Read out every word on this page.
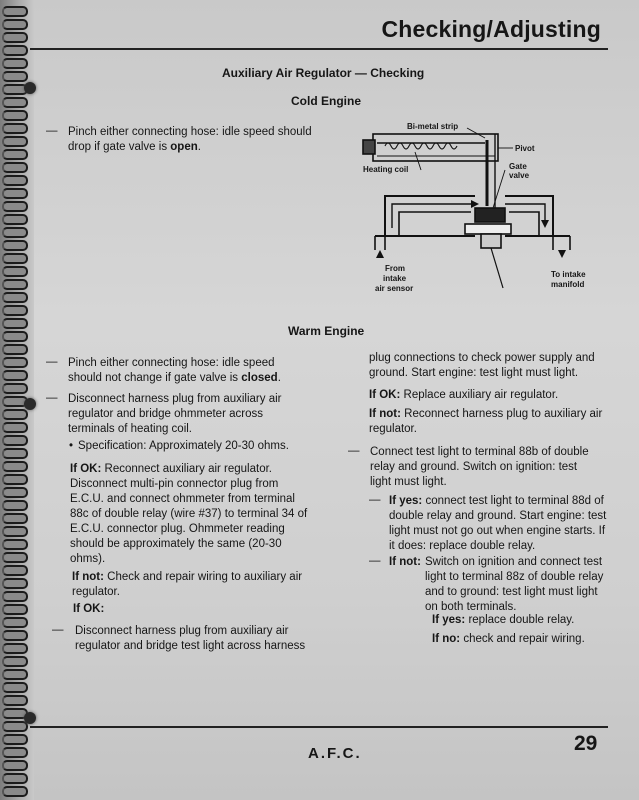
Checking/Adjusting
Auxiliary Air Regulator — Checking
Cold Engine
— Pinch either connecting hose: idle speed should drop if gate valve is open.
Bi-metal strip
Pivot
Heating coil	Gate
valve
From
intake
air sensor
To intake
manifold
Warm Engine
— Pinch either connecting hose: idle speed should not change if gate valve is closed.
— Disconnect harness plug from auxiliary air regulator and bridge ohmmeter across terminals of heating coil.
• Specification: Approximately 20-30 ohms.
If OK: Reconnect auxiliary air regulator. Disconnect multi-pin connector plug from E.C.U. and connect ohmmeter from terminal 88c of double relay (wire #37) to terminal 34 of E.C.U. connector plug. Ohmmeter reading should be approximately the same (20-30 ohms).
If not: Check and repair wiring to auxiliary air regulator.
If OK:
— Disconnect harness plug from auxiliary air regulator and bridge test light across harness
plug connections to check power supply and ground. Start engine: test light must light.
If OK: Replace auxiliary air regulator.
If not: Reconnect harness plug to auxiliary air regulator.
— Connect test light to terminal 88b of double relay and ground. Switch on ignition: test light must light.
— If yes: connect test light to terminal 88d of double relay and ground. Start engine: test light must not go out when engine starts. If it does: replace double relay.
— If not: Switch on ignition and connect test light to terminal 88z of double relay and to ground: test light must light on both terminals.
If yes: replace double relay.
If no: check and repair wiring.
A.F.C.	29
